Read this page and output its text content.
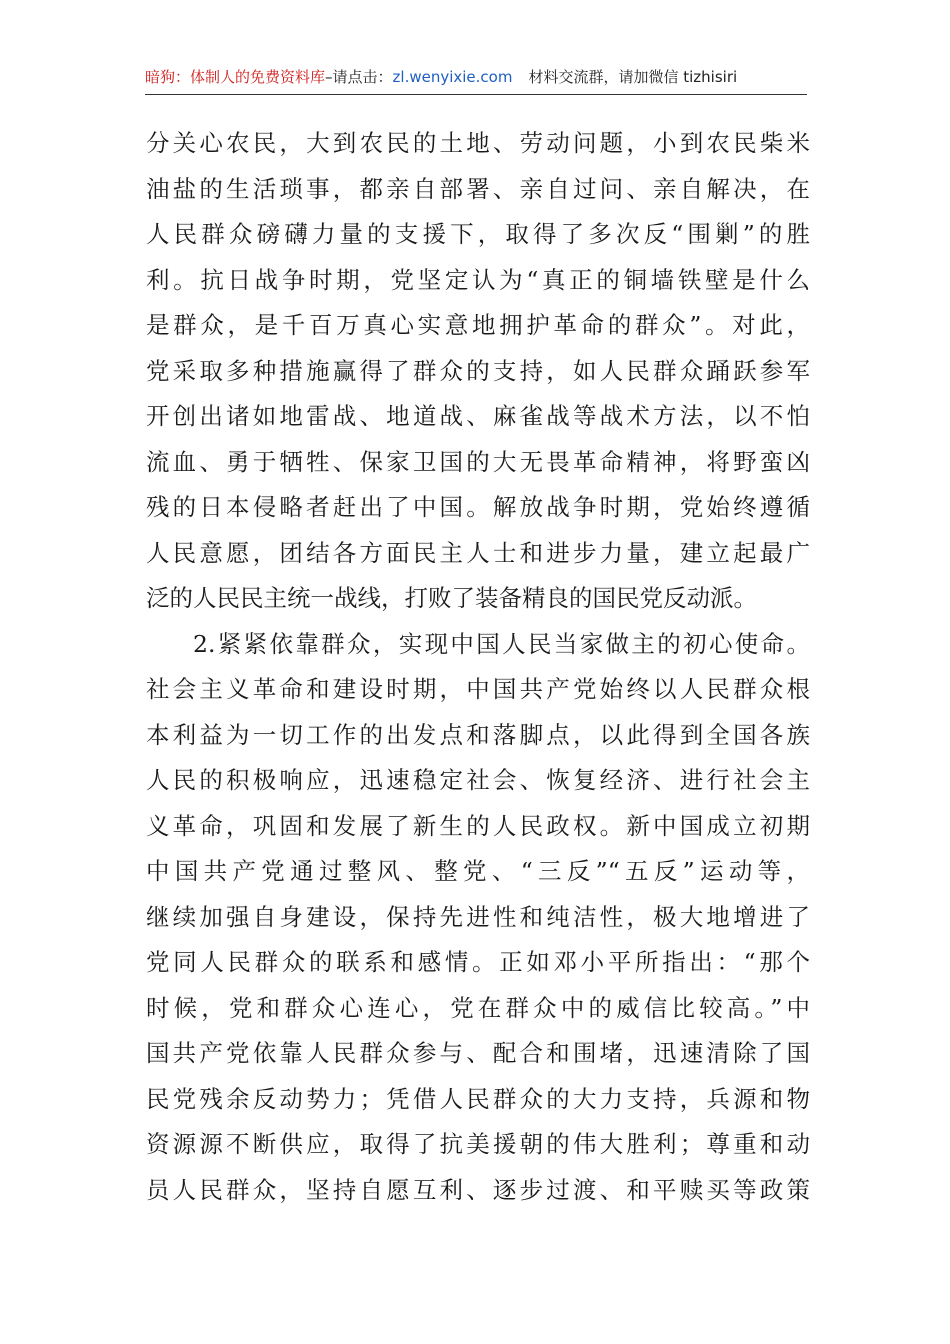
暗狗：体制人的免费资料库–请点击：zl.wenyixie.com 材料交流群，请加微信 tizhisiri
分关心农民，大到农民的土地、劳动问题，小到农民柴米
油盐的生活琐事，都亲自部署、亲自过问、亲自解决，在
人民群众磅礴力量的支援下，取得了多次反“围剿”的胜
利。抗日战争时期，党坚定认为“真正的铜墙铁壁是什么
是群众，是千百万真心实意地拥护革命的群众”。对此，
党采取多种措施赢得了群众的支持，如人民群众踊跃参军
开创出诸如地雷战、地道战、麻雀战等战术方法，以不怕
流血、勇于牺牲、保家卫国的大无畏革命精神，将野蛮凶
残的日本侵略者赶出了中国。解放战争时期，党始终遵循
人民意愿，团结各方面民主人士和进步力量，建立起最广
泛的人民民主统一战线，打败了装备精良的国民党反动派。
2.紧紧依靠群众，实现中国人民当家做主的初心使命。
社会主义革命和建设时期，中国共产党始终以人民群众根
本利益为一切工作的出发点和落脚点，以此得到全国各族
人民的积极响应，迅速稳定社会、恢复经济、进行社会主
义革命，巩固和发展了新生的人民政权。新中国成立初期
中国共产党通过整风、整党、“三反”“五反”运动等，
继续加强自身建设，保持先进性和纯洁性，极大地增进了
党同人民群众的联系和感情。正如邓小平所指出：“那个
时候，党和群众心连心，党在群众中的威信比较高。”中
国共产党依靠人民群众参与、配合和围堵，迅速清除了国
民党残余反动势力；凭借人民群众的大力支持，兵源和物
资源源不断供应，取得了抗美援朝的伟大胜利；尊重和动
员人民群众，坚持自愿互利、逐步过渡、和平赎买等政策
